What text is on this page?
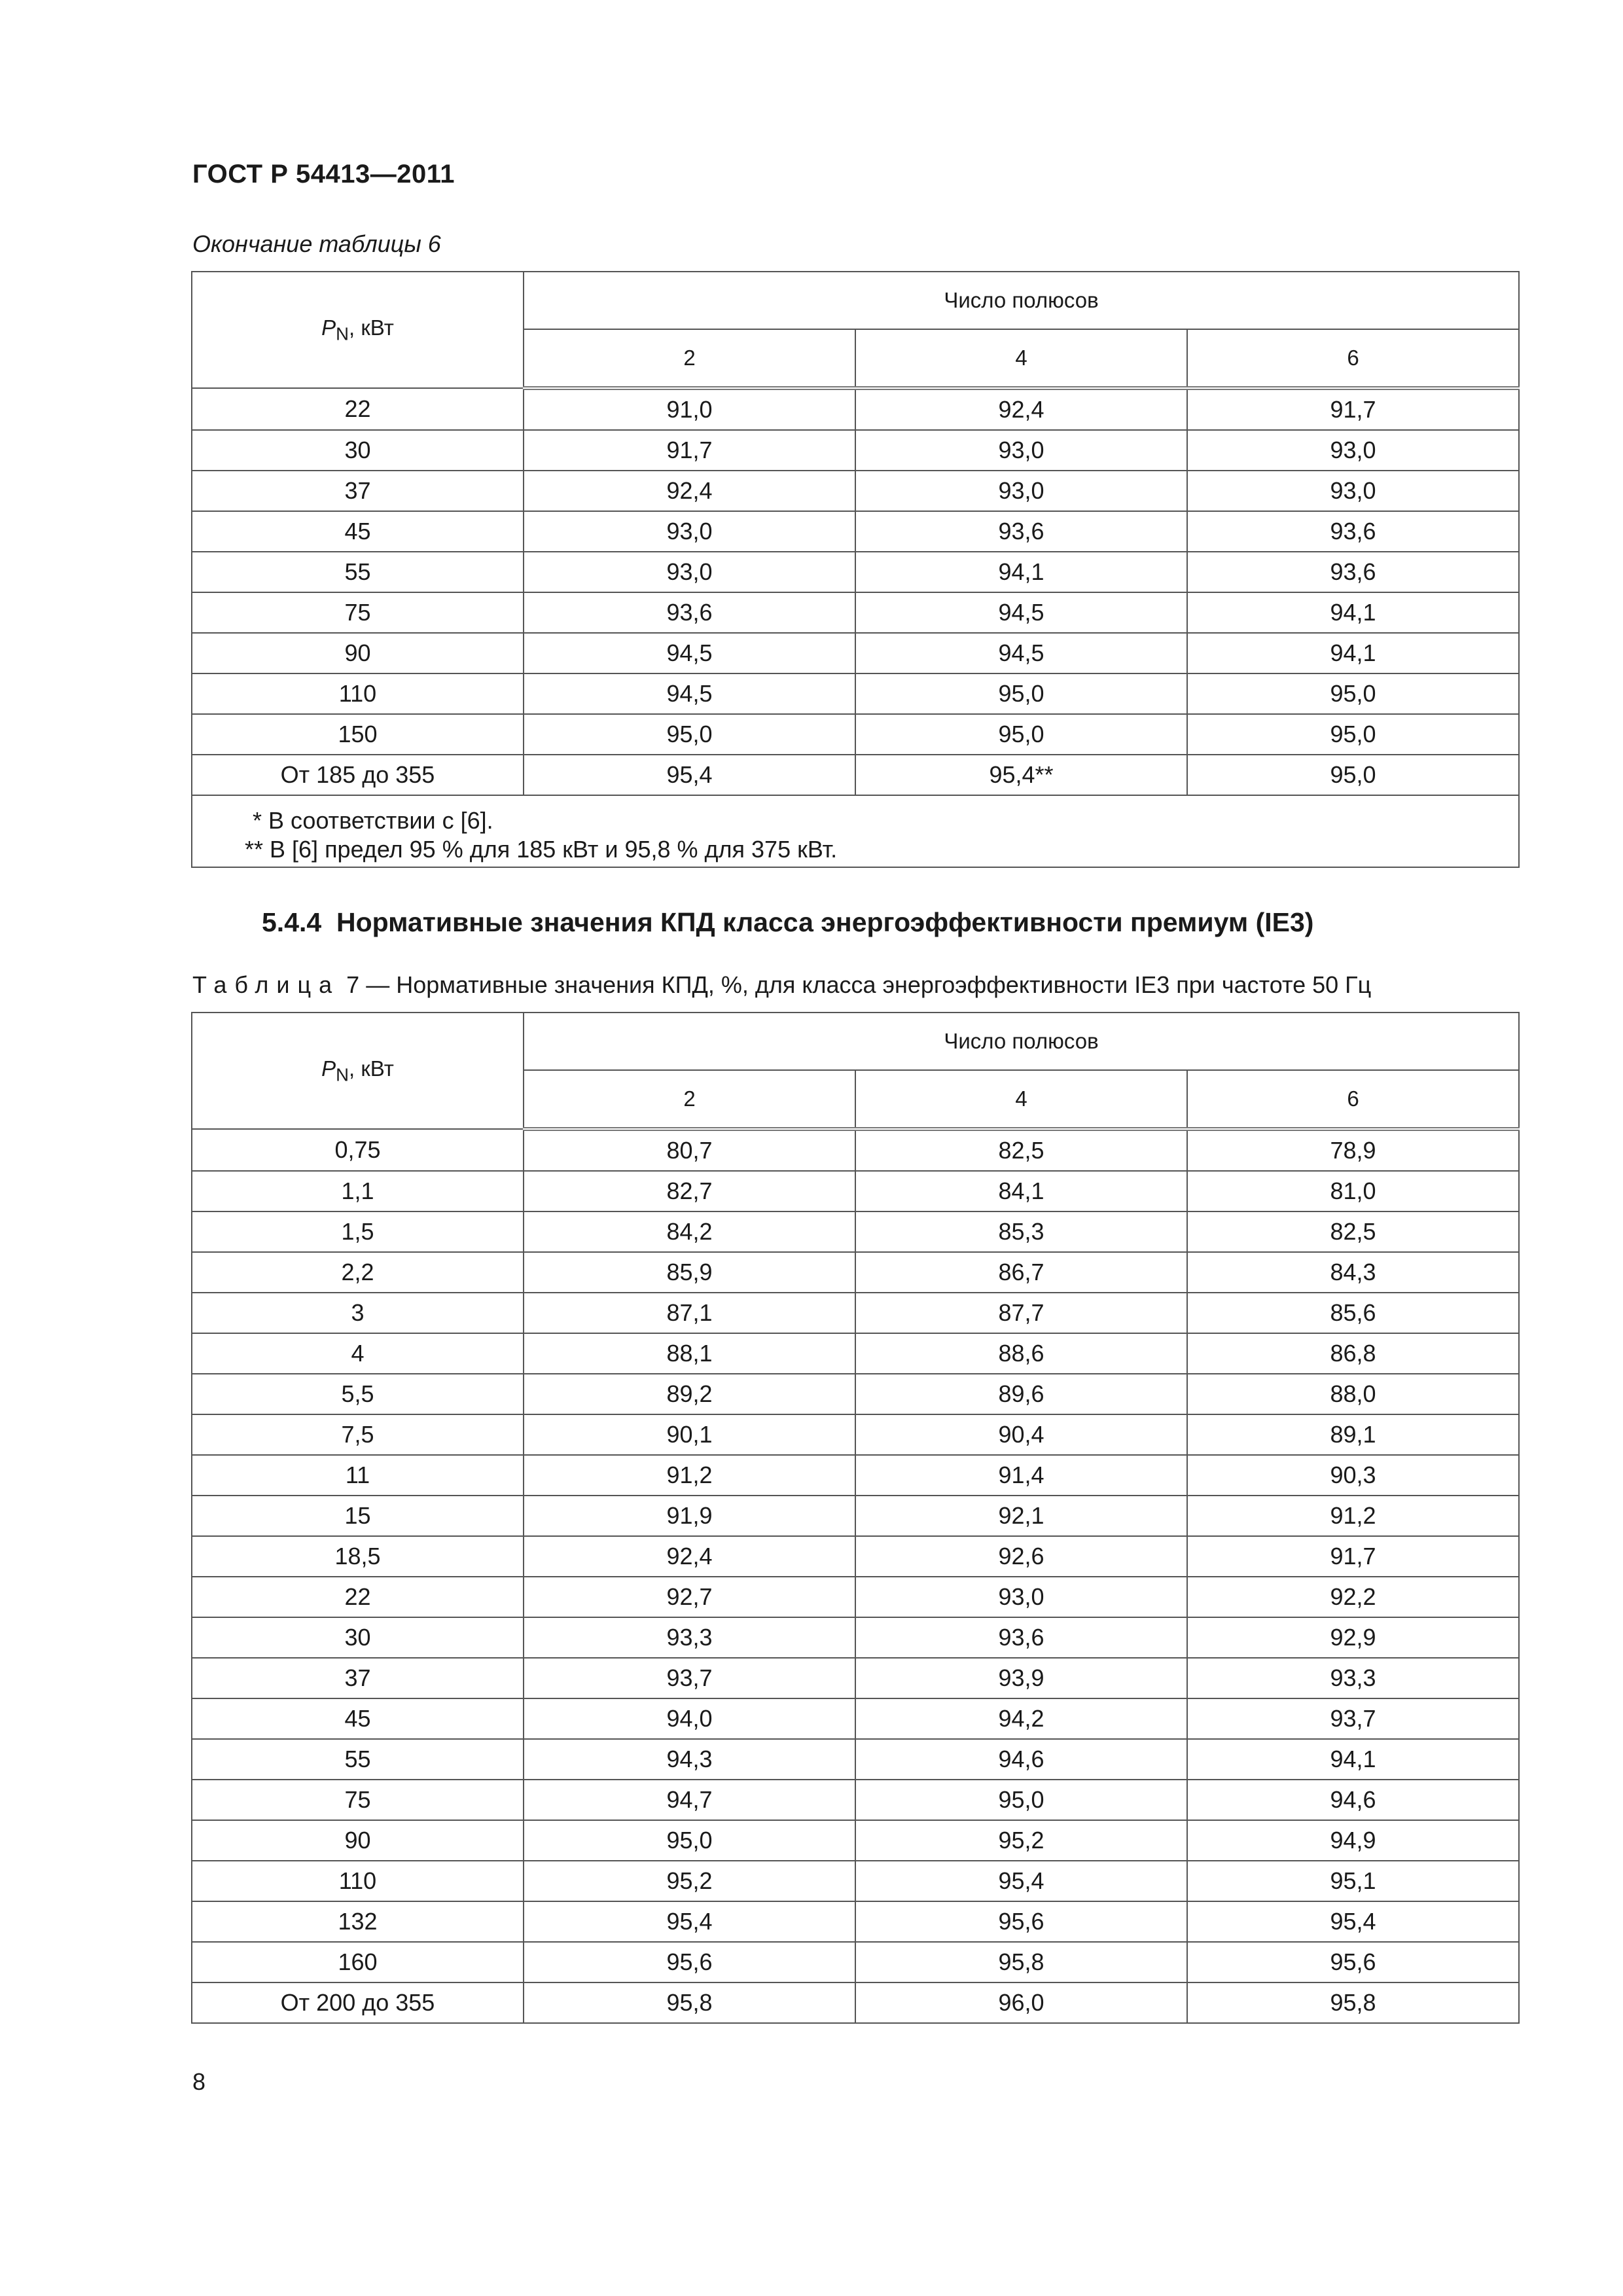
ГОСТ Р 54413—2011
Окончание таблицы 6
$P_N$, кВт	Число полюсов		
	2	4	6
22	91,0	92,4	91,7
30	91,7	93,0	93,0
37	92,4	93,0	93,0
45	93,0	93,6	93,6
55	93,0	94,1	93,6
75	93,6	94,5	94,1
90	94,5	94,5	94,1
110	94,5	95,0	95,0
150	95,0	95,0	95,0
От 185 до 355	95,4	95,4**	95,0

* В соответствии с [6].
** В [6] предел 95 % для 185 кВт и 95,8 % для 375 кВт.			
5.4.4 Нормативные значения КПД класса энергоэффективности премиум (IE3)
Таблица 7 — Нормативные значения КПД, %, для класса энергоэффективности IE3 при частоте 50 Гц
$P_N$, кВт	Число полюсов		
	2	4	6
0,75	80,7	82,5	78,9
1,1	82,7	84,1	81,0
1,5	84,2	85,3	82,5
2,2	85,9	86,7	84,3
3	87,1	87,7	85,6
4	88,1	88,6	86,8
5,5	89,2	89,6	88,0
7,5	90,1	90,4	89,1
11	91,2	91,4	90,3
15	91,9	92,1	91,2
18,5	92,4	92,6	91,7
22	92,7	93,0	92,2
30	93,3	93,6	92,9
37	93,7	93,9	93,3
45	94,0	94,2	93,7
55	94,3	94,6	94,1
75	94,7	95,0	94,6
90	95,0	95,2	94,9
110	95,2	95,4	95,1
132	95,4	95,6	95,4
160	95,6	95,8	95,6
От 200 до 355	95,8	96,0	95,8
8
